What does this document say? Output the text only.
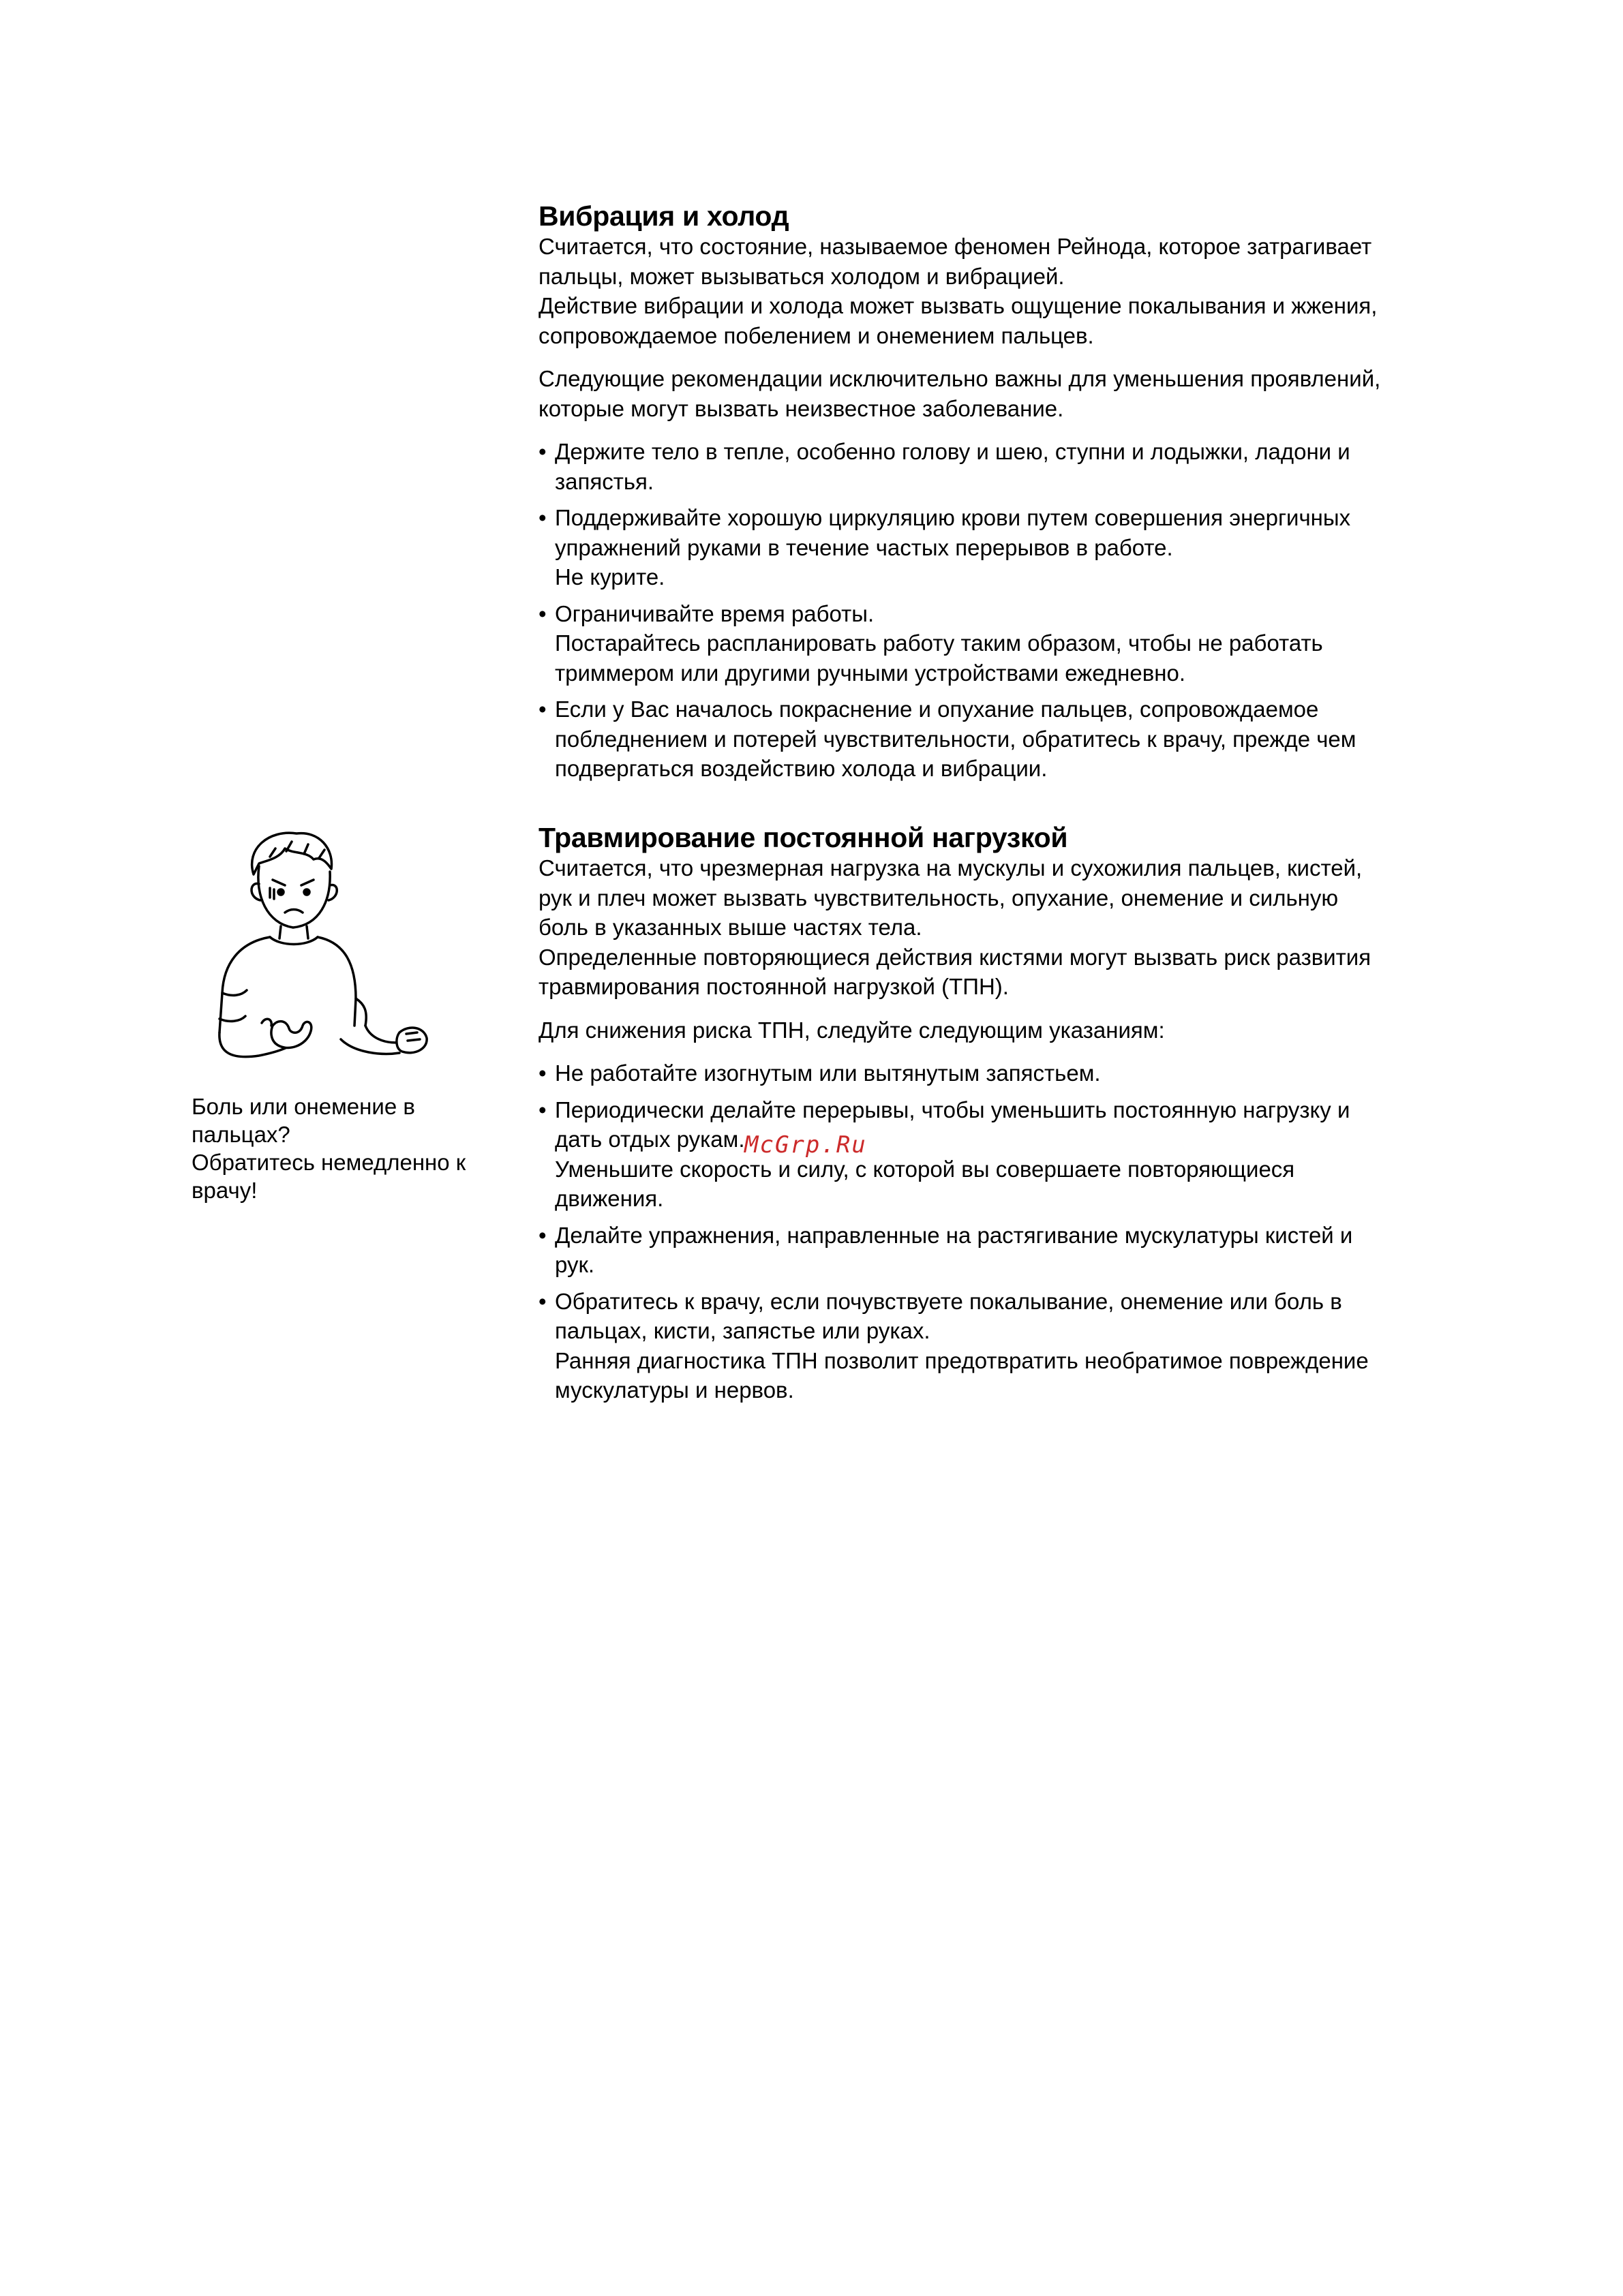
Вибрация и холод

Считается, что состояние, называемое феномен Рейнода, которое затрагивает
пальцы, может вызываться холодом и вибрацией.
Действие вибрации и холода может вызвать ощущение покалывания и жжения,
сопровождаемое побелением и онемением пальцев.

Следующие рекомендации исключительно важны для уменьшения проявлений,
которые могут вызвать неизвестное заболевание.

• Держите тело в тепле, особенно голову и шею, ступни и лодыжки, ладони и
запястья.
• Поддерживайте хорошую циркуляцию крови путем совершения энергичных
упражнений руками в течение частых перерывов в работе.
Не курите.
• Ограничивайте время работы.
Постарайтесь распланировать работу таким образом, чтобы не работать
триммером или другими ручными устройствами ежедневно.
• Если у Вас началось покраснение и опухание пальцев, сопровождаемое
побледнением и потерей чувствительности, обратитесь к врачу, прежде чем
подвергаться воздействию холода и вибрации.
Травмирование постоянной нагрузкой

Считается, что чрезмерная нагрузка на мускулы и сухожилия пальцев, кистей,
рук и плеч может вызвать чувствительность, опухание, онемение и сильную
боль в указанных выше частях тела.
Определенные повторяющиеся действия кистями могут вызвать риск развития
травмирования постоянной нагрузкой (ТПН).

Для снижения риска ТПН, следуйте следующим указаниям:

• Не работайте изогнутым или вытянутым запястьем.
• Периодически делайте перерывы, чтобы уменьшить постоянную нагрузку и
дать отдых рукам.
Уменьшите скорость и силу, с которой вы совершаете повторяющиеся
движения.
• Делайте упражнения, направленные на растягивание мускулатуры кистей и
рук.
• Обратитесь к врачу, если почувствуете покалывание, онемение или боль в
пальцах, кисти, запястье или руках.
Ранняя диагностика ТПН позволит предотвратить необратимое повреждение
мускулатуры и нервов.
Боль или онемение в
пальцах?
Обратитесь немедленно к
врачу!
McGrp.Ru
